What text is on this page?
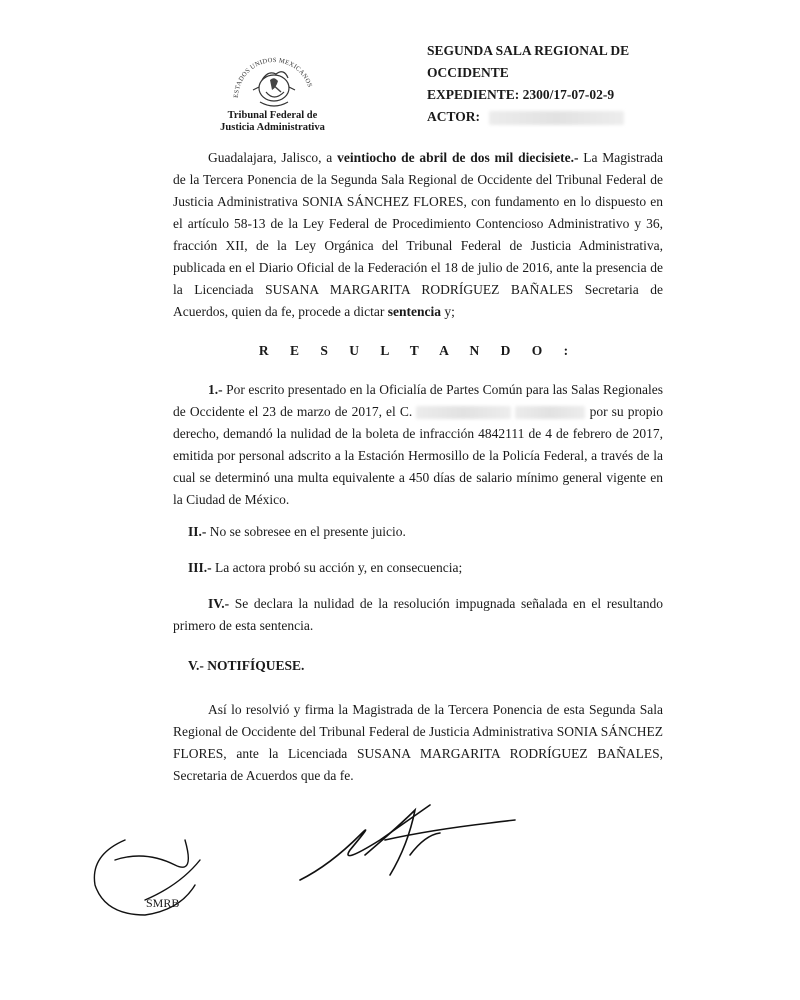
ESTADOS UNIDOS MEXICANOS
Tribunal Federal de
Justicia Administrativa
SEGUNDA SALA REGIONAL DE
OCCIDENTE
EXPEDIENTE: 2300/17-07-02-9
ACTOR:

Guadalajara, Jalisco, a veintiocho de abril de dos mil diecisiete.- La Magistrada de la Tercera Ponencia de la Segunda Sala Regional de Occidente del Tribunal Federal de Justicia Administrativa SONIA SÁNCHEZ FLORES, con fundamento en lo dispuesto en el artículo 58-13 de la Ley Federal de Procedimiento Contencioso Administrativo y 36, fracción XII, de la Ley Orgánica del Tribunal Federal de Justicia Administrativa, publicada en el Diario Oficial de la Federación el 18 de julio de 2016, ante la presencia de la Licenciada SUSANA MARGARITA RODRÍGUEZ BAÑALES Secretaria de Acuerdos, quien da fe, procede a dictar sentencia y;

R E S U L T A N D O :

1.- Por escrito presentado en la Oficialía de Partes Común para las Salas Regionales de Occidente el 23 de marzo de 2017, el C.	por su propio derecho, demandó la nulidad de la boleta de infracción 4842111 de 4 de febrero de 2017, emitida por personal adscrito a la Estación Hermosillo de la Policía Federal, a través de la cual se determinó una multa equivalente a 450 días de salario mínimo general vigente en la Ciudad de México.

II.- No se sobresee en el presente juicio.

III.- La actora probó su acción y, en consecuencia;

IV.- Se declara la nulidad de la resolución impugnada señalada en el resultando primero de esta sentencia.

V.- NOTIFÍQUESE.

Así lo resolvió y firma la Magistrada de la Tercera Ponencia de esta Segunda Sala Regional de Occidente del Tribunal Federal de Justicia Administrativa SONIA SÁNCHEZ FLORES, ante la Licenciada SUSANA MARGARITA RODRÍGUEZ BAÑALES, Secretaria de Acuerdos que da fe.

SMRB
